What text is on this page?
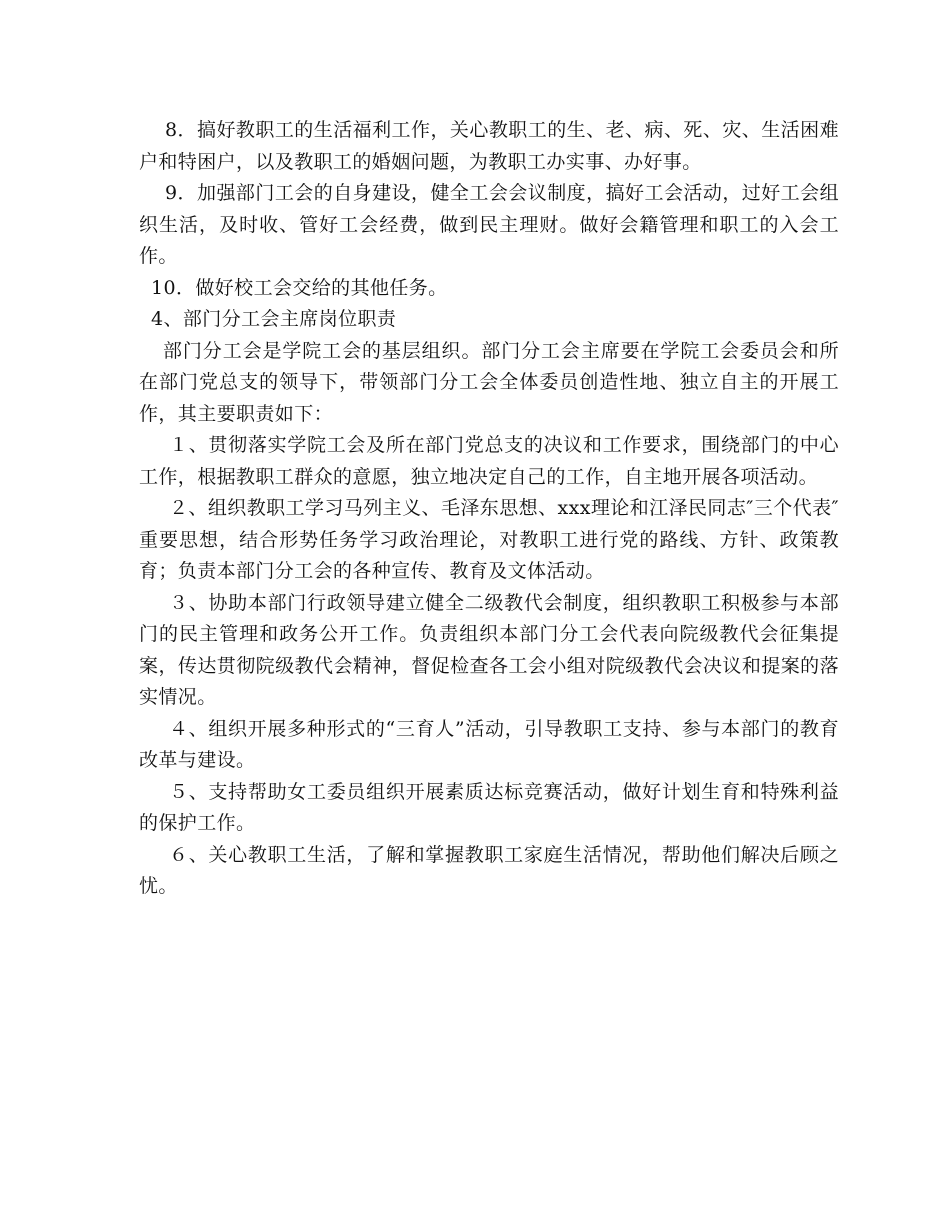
8．搞好教职工的生活福利工作，关心教职工的生、老、病、死、灾、生活困难户和特困户，以及教职工的婚姻问题，为教职工办实事、办好事。

9．加强部门工会的自身建设，健全工会会议制度，搞好工会活动，过好工会组织生活，及时收、管好工会经费，做到民主理财。做好会籍管理和职工的入会工作。

10．做好校工会交给的其他任务。

4、部门分工会主席岗位职责

部门分工会是学院工会的基层组织。部门分工会主席要在学院工会委员会和所在部门党总支的领导下，带领部门分工会全体委员创造性地、独立自主的开展工作，其主要职责如下：

１、贯彻落实学院工会及所在部门党总支的决议和工作要求，围绕部门的中心工作，根据教职工群众的意愿，独立地决定自己的工作，自主地开展各项活动。

２、组织教职工学习马列主义、毛泽东思想、xxx理论和江泽民同志″三个代表″重要思想，结合形势任务学习政治理论，对教职工进行党的路线、方针、政策教育；负责本部门分工会的各种宣传、教育及文体活动。

３、协助本部门行政领导建立健全二级教代会制度，组织教职工积极参与本部门的民主管理和政务公开工作。负责组织本部门分工会代表向院级教代会征集提案，传达贯彻院级教代会精神，督促检查各工会小组对院级教代会决议和提案的落实情况。

４、组织开展多种形式的“三育人”活动，引导教职工支持、参与本部门的教育改革与建设。

５、支持帮助女工委员组织开展素质达标竞赛活动，做好计划生育和特殊利益的保护工作。

６、关心教职工生活，了解和掌握教职工家庭生活情况，帮助他们解决后顾之忧。
